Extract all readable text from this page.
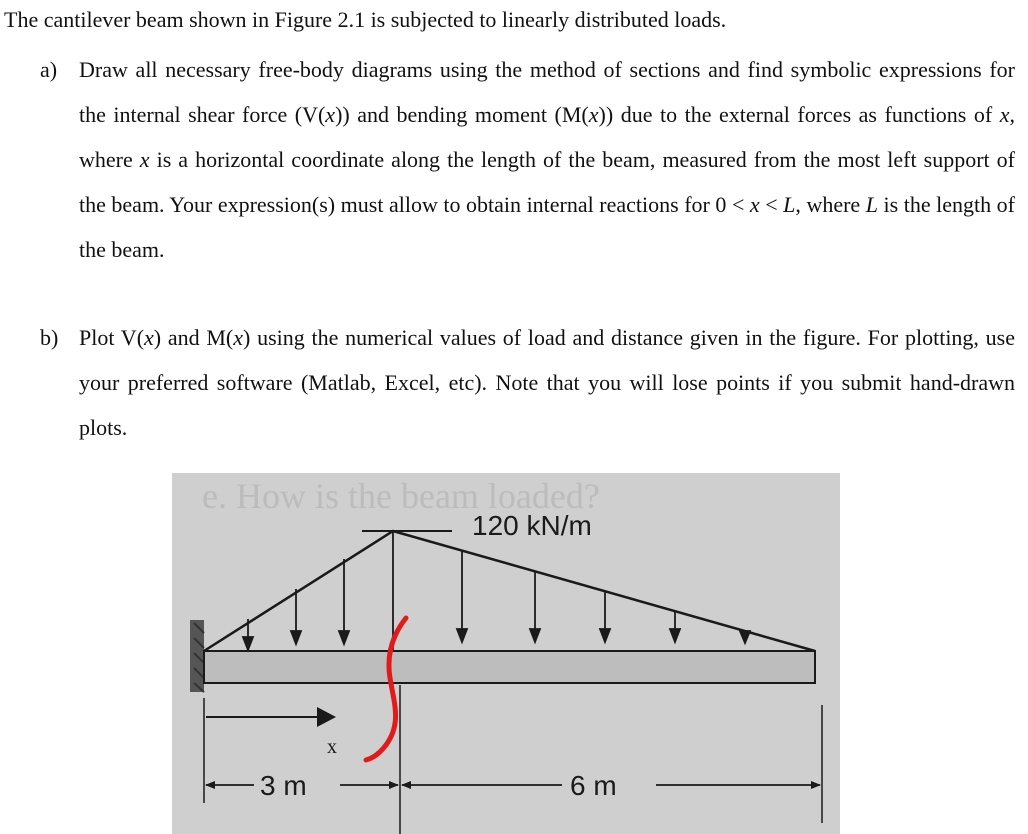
The cantilever beam shown in Figure 2.1 is subjected to linearly distributed loads.

a) Draw all necessary free-body diagrams using the method of sections and find symbolic expressions for the internal shear force (V(x)) and bending moment (M(x)) due to the external forces as functions of x, where x is a horizontal coordinate along the length of the beam, measured from the most left support of the beam. Your expression(s) must allow to obtain internal reactions for 0 < x < L, where L is the length of the beam.
b) Plot V(x) and M(x) using the numerical values of load and distance given in the figure. For plotting, use your preferred software (Matlab, Excel, etc). Note that you will lose points if you submit hand-drawn plots.
e. How is the beam loaded?
120 kN/m
x
3 m	6 m
